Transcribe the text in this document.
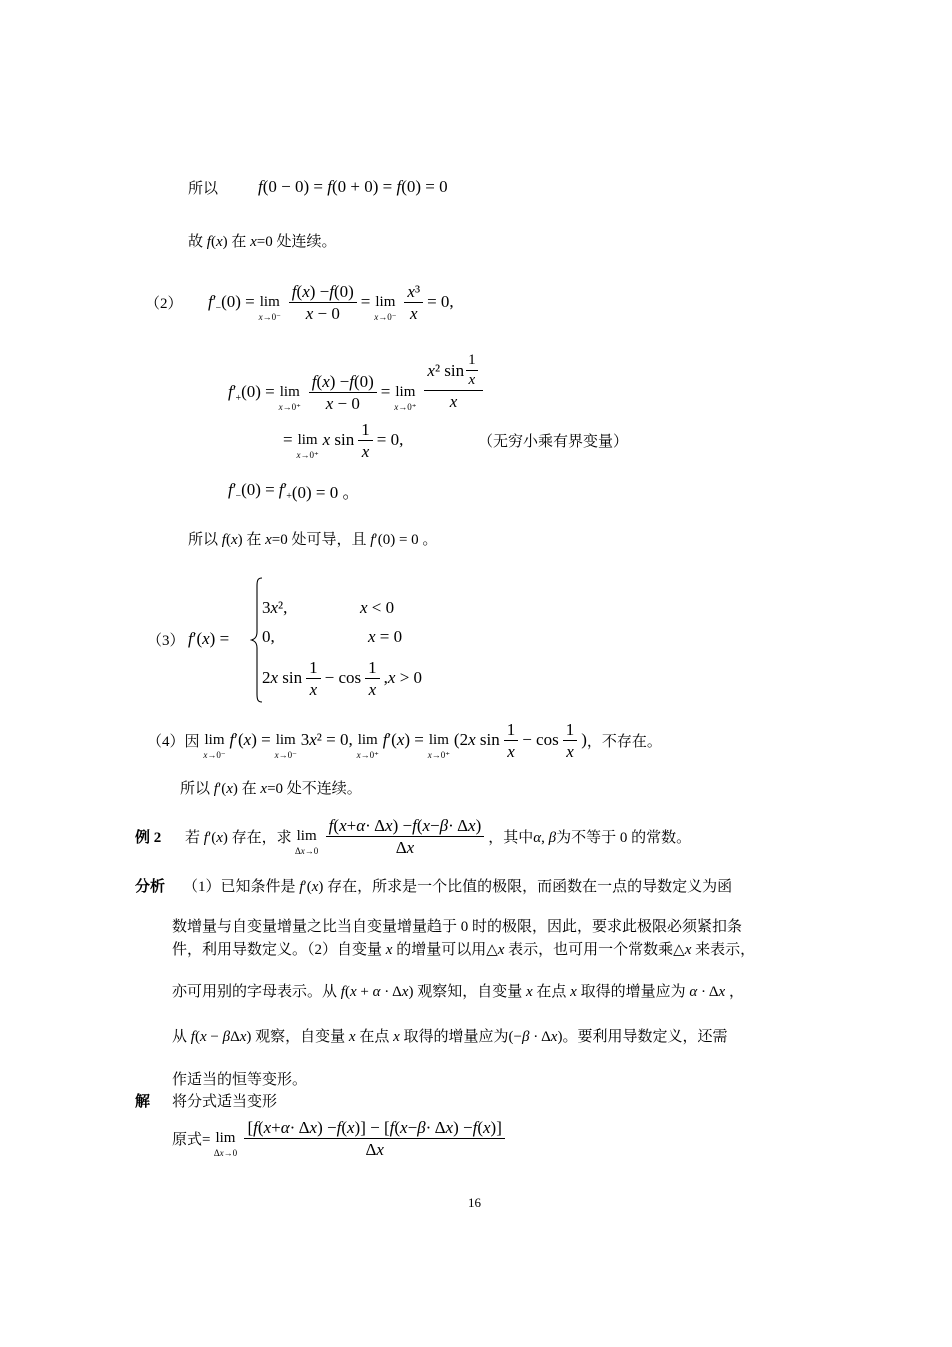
所以	f(0 − 0) = f(0 + 0) = f(0) = 0
故 f(x) 在 x=0 处连续。
（2）	f′ − (0) = lim
$x\to 0^- \frac{f ( x ) - f (0)}{x - 0} = \lim$
$x\to 0^- \frac{\text{x ³}}{x} = 0$,
f′ + (0) = lim
$x\to 0^+ \frac{f ( x ) - f (0)}{x - 0} = \lim$
$x\to 0^+ \frac{x^2 \sin \frac{1}{x}}{x}$
= lim
x→0⁺
x $\sin \frac{1}{x} = 0$,	（无穷小乘有界变量）
f′ − (0) = f′ + (0) = 0 。
所以 f(x) 在 x=0 处可导，且 f′(0) = 0 。
（3） f′(x) =
3x²,	x < 0
0,	x = 0
2x $\sin \frac{1}{x} - \cos \frac{1}{x} ,x > 0$
（4）因 lim
x→0⁻
f′(x) = lim
x→0⁻
3x² = 0, lim
x→0⁺
f′(x) = lim
x→0⁺
(2x $\sin \frac{1}{x} - \cos \frac{1}{x}$ ) ，不存在。
所以 f′(x) 在 x=0 处不连续。
例 2	若 f′(x) 存在，求 lim
$\Delta x\to 0 \frac{\text{f ( x + α · Δ x ) − f ( x − β · Δ x )}}{\Delta x}$ ，其中α, β为不等于 0 的常数。
分析	（1）已知条件是 f′(x) 存在，所求是一个比值的极限，而函数在一点的导数定义为函
数增量与自变量增量之比当自变量增量趋于 0 时的极限，因此，要求此极限必须紧扣条
件，利用导数定义。（2）自变量 x 的增量可以用△x 表示，也可用一个常数乘△x 来表示，
亦可用别的字母表示。从 f(x + α · Δx) 观察知，自变量 x 在点 x 取得的增量应为 α · Δx ，
从 f(x − βΔx) 观察，自变量 x 在点 x 取得的增量应为(−β · Δx)。要利用导数定义，还需
作适当的恒等变形。
解	将分式适当变形
原式= lim
$\Delta x\to 0 \frac{\text{[ f ( x + α · Δ x ) − f ( x )] − [ f ( x − β · Δ x ) − f ( x )]}}{\Delta x}$
16
